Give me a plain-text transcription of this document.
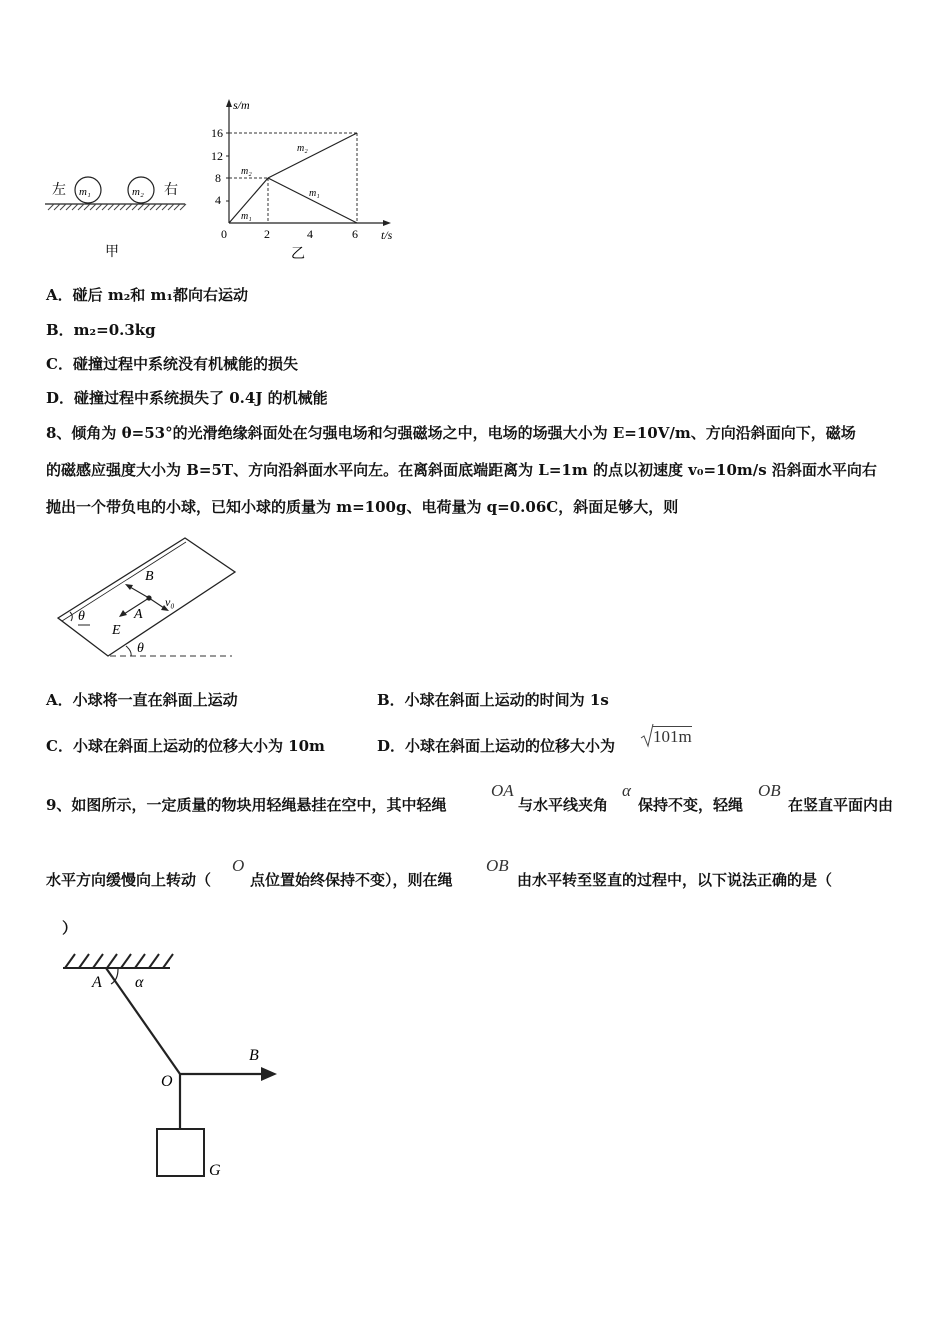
左 m₁	m₂ 右
甲
s/m
t/s
16
12
8
4
0	2	4	6
m₁
m₂
m₂
m₁
乙
A．碰后 m₂和 m₁都向右运动
B．m₂=0.3kg
C．碰撞过程中系统没有机械能的损失
D．碰撞过程中系统损失了 0.4J 的机械能
8、倾角为 θ=53°的光滑绝缘斜面处在匀强电场和匀强磁场之中，电场的场强大小为 E=10V/m、方向沿斜面向下，磁场
的磁感应强度大小为 B=5T、方向沿斜面水平向左。在离斜面底端距离为 L=1m 的点以初速度 v₀=10m/s 沿斜面水平向右
抛出一个带负电的小球，已知小球的质量为 m=100g、电荷量为 q=0.06C，斜面足够大，则
θ
θ
B
A
v₀
E
A．小球将一直在斜面上运动	B．小球在斜面上运动的时间为 1s
C．小球在斜面上运动的位移大小为 10m	D．小球在斜面上运动的位移大小为 101m
9、如图所示，一定质量的物块用轻绳悬挂在空中，其中轻绳
OA
与水平线夹角
α
保持不变，轻绳
OB
在竖直平面内由
水平方向缓慢向上转动（
O
点位置始终保持不变），则在绳
OB
由水平转至竖直的过程中，以下说法正确的是（
）
A α
B
O
G
